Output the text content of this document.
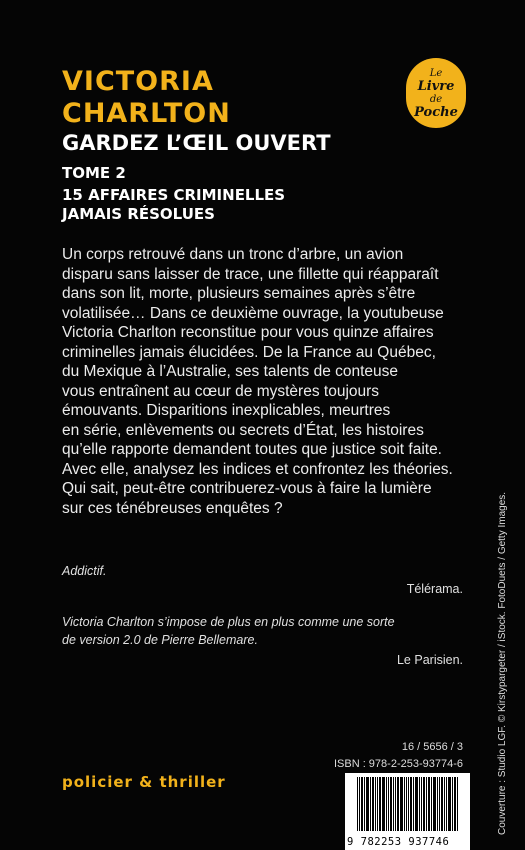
VICTORIA
CHARLTON
GARDEZ L’ŒIL OUVERT
TOME 2
15 AFFAIRES CRIMINELLES
JAMAIS RÉSOLUES
Le
Livre
de
Poche
Un corps retrouvé dans un tronc d’arbre, un avion
disparu sans laisser de trace, une fillette qui réapparaît
dans son lit, morte, plusieurs semaines après s’être
volatilisée… Dans ce deuxième ouvrage, la youtubeuse
Victoria Charlton reconstitue pour vous quinze affaires
criminelles jamais élucidées. De la France au Québec,
du Mexique à l’Australie, ses talents de conteuse
vous entraînent au cœur de mystères toujours
émouvants. Disparitions inexplicables, meurtres
en série, enlèvements ou secrets d’État, les histoires
qu’elle rapporte demandent toutes que justice soit faite.
Avec elle, analysez les indices et confrontez les théories.
Qui sait, peut-être contribuerez-vous à faire la lumière
sur ces ténébreuses enquêtes ?
Addictif.
Télérama.
Victoria Charlton s’impose de plus en plus comme une sorte
de version 2.0 de Pierre Bellemare.
Le Parisien.
16 / 5656 / 3
ISBN : 978-2-253-93774-6
policier & thriller	Couverture : Studio LGF. © Kirstypargeter / iStock. FotoDuets / Getty Images.
9 782253 937746
